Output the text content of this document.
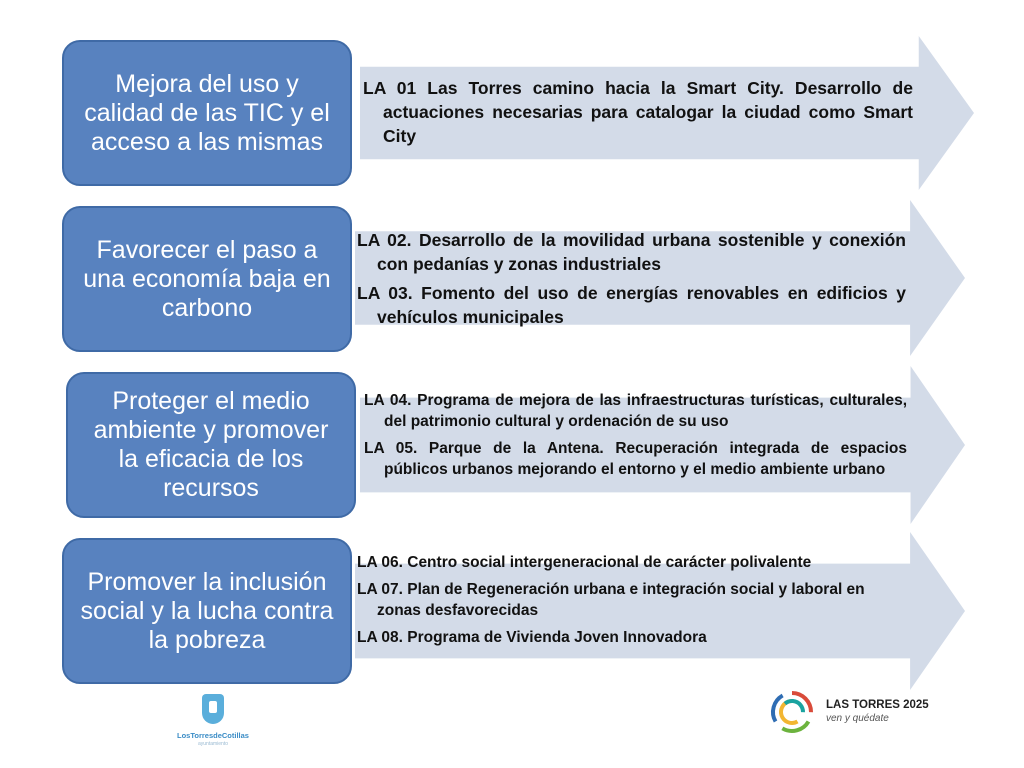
Mejora del uso y calidad de las TIC y el acceso a las mismas
LA 01 Las Torres camino hacia la Smart City. Desarrollo de actuaciones necesarias para catalogar la ciudad como Smart City
Favorecer el paso a una economía baja en carbono
LA 02. Desarrollo de la movilidad urbana sostenible y conexión con pedanías y zonas industriales
LA 03. Fomento del uso de energías renovables en edificios y vehículos municipales
Proteger el medio ambiente y promover la eficacia de los recursos
LA 04. Programa de mejora de las infraestructuras turísticas, culturales, del patrimonio cultural y ordenación de su uso
LA 05. Parque de la Antena. Recuperación integrada de espacios públicos urbanos mejorando el entorno y el medio ambiente urbano
Promover la inclusión social y la lucha contra la pobreza
LA 06. Centro social intergeneracional de carácter polivalente
LA 07. Plan de Regeneración urbana e integración social y laboral en zonas desfavorecidas
LA 08. Programa de Vivienda Joven Innovadora
LosTorresdeCotillas
ayuntamiento
LAS TORRES 2025
ven y quédate
